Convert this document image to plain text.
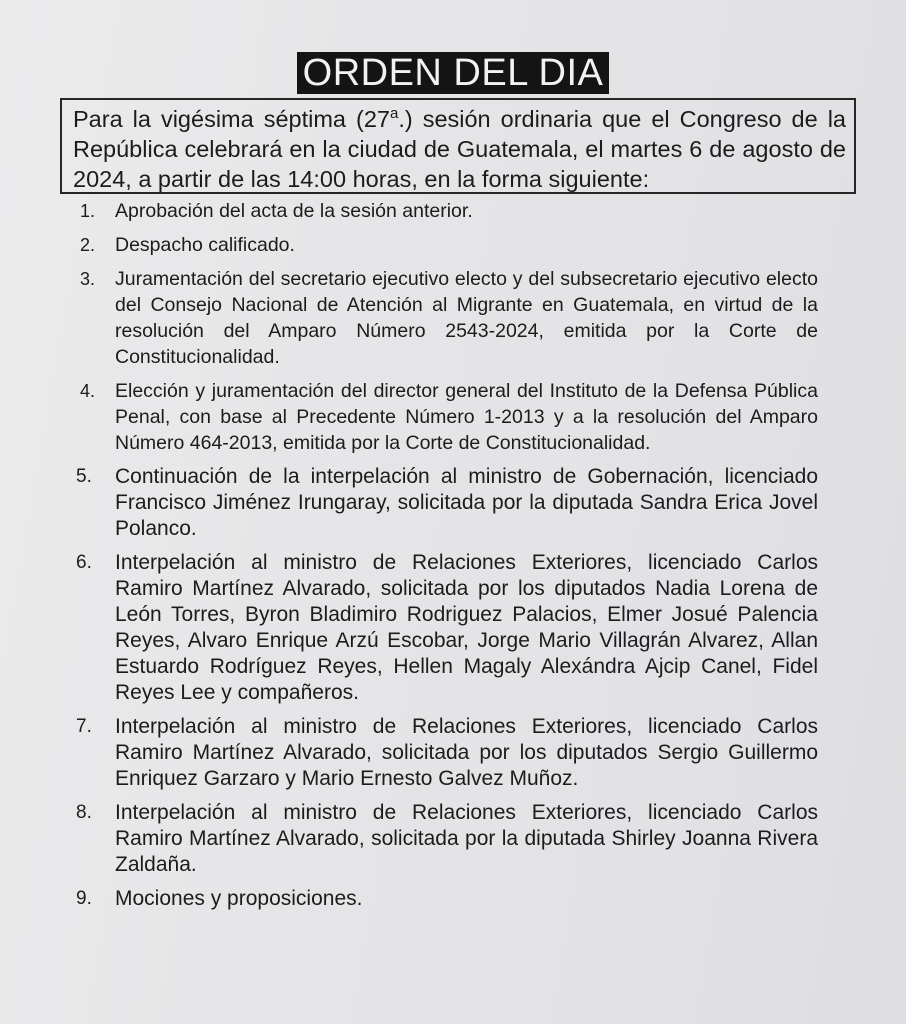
ORDEN DEL DIA
Para la vigésima séptima (27$^a$.) sesión ordinaria que el Congreso de la República celebrará en la ciudad de Guatemala, el martes 6 de agosto de 2024, a partir de las 14:00 horas, en la forma siguiente:
1. Aprobación del acta de la sesión anterior.
2. Despacho calificado.
3. Juramentación del secretario ejecutivo electo y del subsecretario ejecutivo electo del Consejo Nacional de Atención al Migrante en Guatemala, en virtud de la resolución del Amparo Número 2543-2024, emitida por la Corte de Constitucionalidad.
4. Elección y juramentación del director general del Instituto de la Defensa Pública Penal, con base al Precedente Número 1-2013 y a la resolución del Amparo Número 464-2013, emitida por la Corte de Constitucionalidad.
5. Continuación de la interpelación al ministro de Gobernación, licenciado Francisco Jiménez Irungaray, solicitada por la diputada Sandra Erica Jovel Polanco.
6. Interpelación al ministro de Relaciones Exteriores, licenciado Carlos Ramiro Martínez Alvarado, solicitada por los diputados Nadia Lorena de León Torres, Byron Bladimiro Rodriguez Palacios, Elmer Josué Palencia Reyes, Alvaro Enrique Arzú Escobar, Jorge Mario Villagrán Alvarez, Allan Estuardo Rodríguez Reyes, Hellen Magaly Alexándra Ajcip Canel, Fidel Reyes Lee y compañeros.
7. Interpelación al ministro de Relaciones Exteriores, licenciado Carlos Ramiro Martínez Alvarado, solicitada por los diputados Sergio Guillermo Enriquez Garzaro y Mario Ernesto Galvez Muñoz.
8. Interpelación al ministro de Relaciones Exteriores, licenciado Carlos Ramiro Martínez Alvarado, solicitada por la diputada Shirley Joanna Rivera Zaldaña.
9. Mociones y proposiciones.
